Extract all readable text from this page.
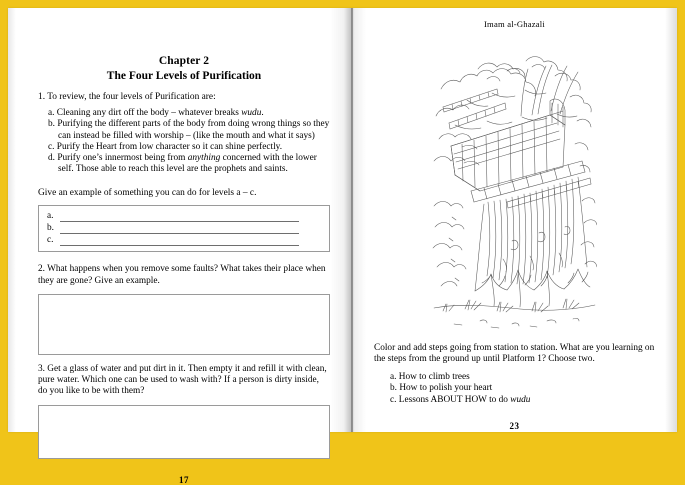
Chapter 2
The Four Levels of Purification
1. To review, the four levels of Purification are:
a. Cleaning any dirt off the body – whatever breaks wudu.
b. Purifying the different parts of the body from doing wrong things so they can instead be filled with worship – (like the mouth and what it says)
c. Purify the Heart from low character so it can shine perfectly.
d. Purify one’s innermost being from anything concerned with the lower self. Those able to reach this level are the prophets and saints.
Give an example of something you can do for levels a – c.
a.
b.
c.
2. What happens when you remove some faults? What takes their place when they are gone? Give an example.
3. Get a glass of water and put dirt in it. Then empty it and refill it with clean, pure water. Which one can be used to wash with? If a person is dirty inside, do you like to be with them?
17
Imam al-Ghazali
Color and add steps going from station to station. What are you learning on the steps from the ground up until Platform 1? Choose two.
a. How to climb trees
b. How to polish your heart
c. Lessons ABOUT HOW to do wudu
23
